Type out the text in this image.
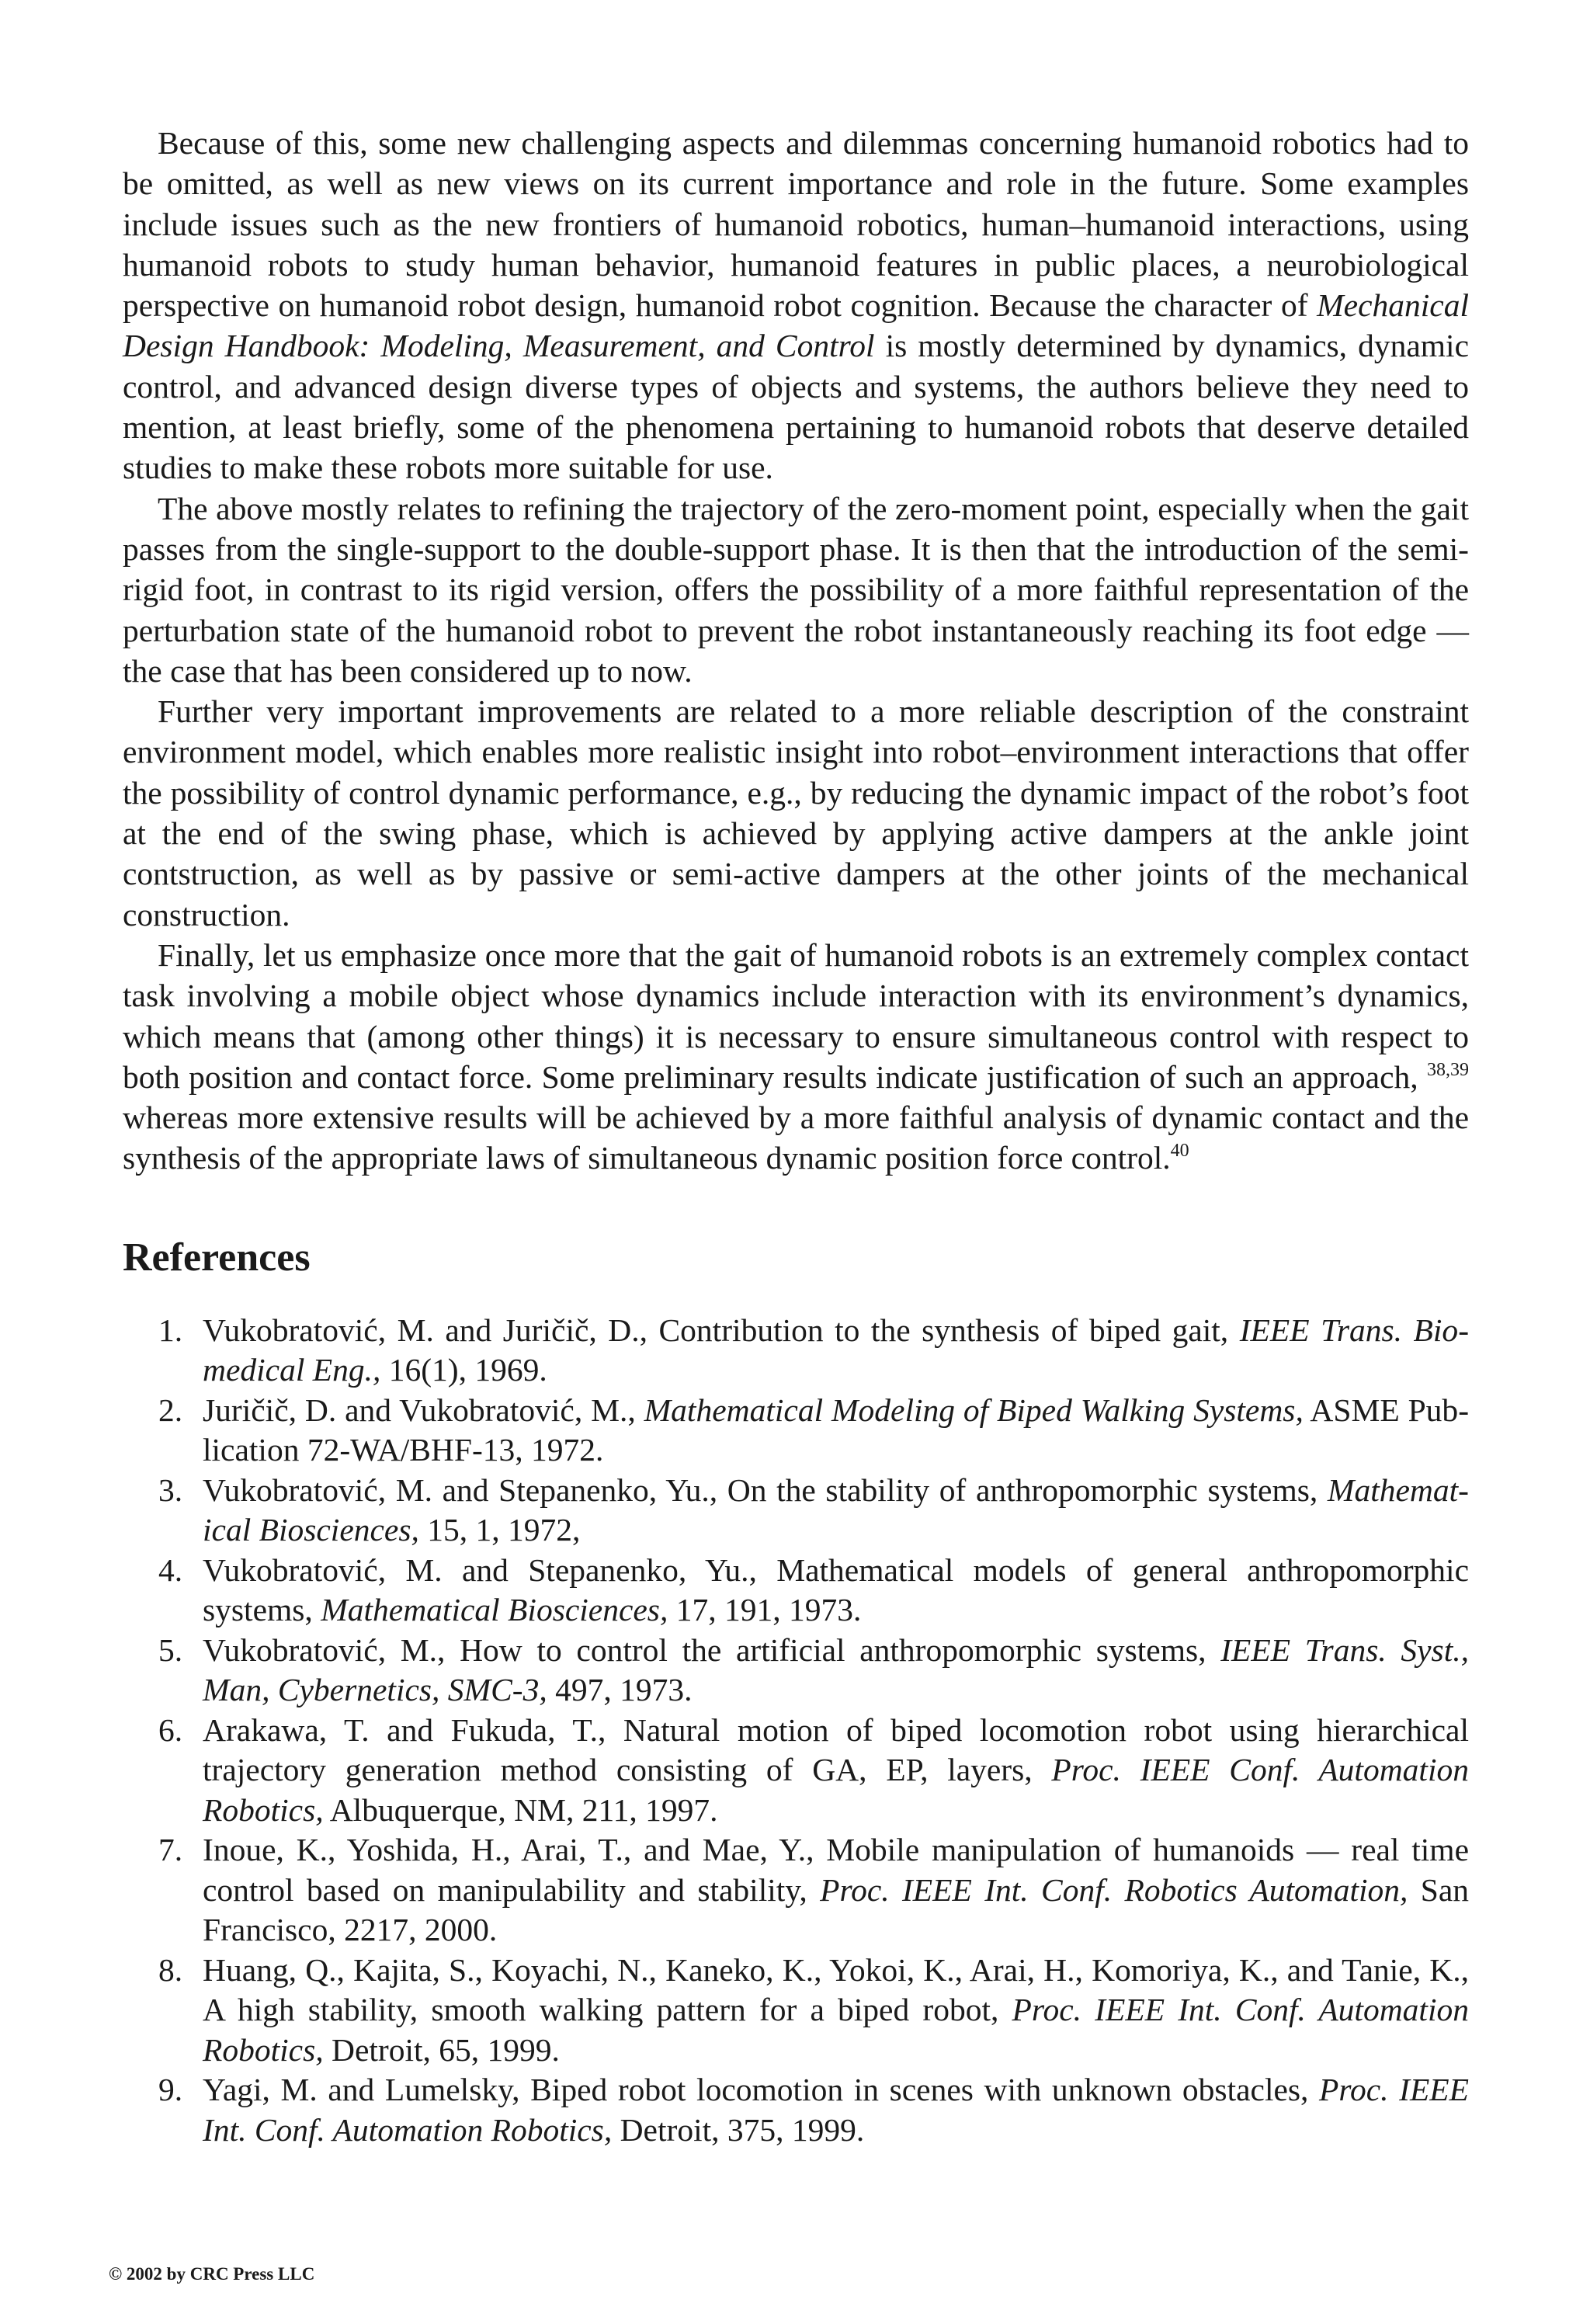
Because of this, some new challenging aspects and dilemmas concerning humanoid robotics had to be omitted, as well as new views on its current importance and role in the future. Some examples include issues such as the new frontiers of humanoid robotics, human–humanoid interactions, using humanoid robots to study human behavior, humanoid features in public places, a neurobiological perspective on humanoid robot design, humanoid robot cognition. Because the character of Mechanical Design Handbook: Modeling, Measurement, and Control is mostly determined by dynamics, dynamic control, and advanced design diverse types of objects and systems, the authors believe they need to mention, at least briefly, some of the phenomena pertaining to humanoid robots that deserve detailed studies to make these robots more suitable for use.

The above mostly relates to refining the trajectory of the zero-moment point, especially when the gait passes from the single-support to the double-support phase. It is then that the introduction of the semi-rigid foot, in contrast to its rigid version, offers the possibility of a more faithful representation of the perturbation state of the humanoid robot to prevent the robot instantaneously reaching its foot edge — the case that has been considered up to now.

Further very important improvements are related to a more reliable description of the constraint environment model, which enables more realistic insight into robot–environment interactions that offer the possibility of control dynamic performance, e.g., by reducing the dynamic impact of the robot’s foot at the end of the swing phase, which is achieved by applying active dampers at the ankle joint contstruction, as well as by passive or semi-active dampers at the other joints of the mechanical construction.

Finally, let us emphasize once more that the gait of humanoid robots is an extremely complex contact task involving a mobile object whose dynamics include interaction with its environment’s dynamics, which means that (among other things) it is necessary to ensure simultaneous control with respect to both position and contact force. Some preliminary results indicate justification of such an approach, $^{38,39}$ whereas more extensive results will be achieved by a more faithful analysis of dynamic contact and the synthesis of the appropriate laws of simultaneous dynamic position force control.$^{40}$

References
1. Vukobratović, M. and Juričič, D., Contribution to the synthesis of biped gait, IEEE Trans. Biomedical Eng., 16(1), 1969.
2. Juričič, D. and Vukobratović, M., Mathematical Modeling of Biped Walking Systems, ASME Publication 72-WA/BHF-13, 1972.
3. Vukobratović, M. and Stepanenko, Yu., On the stability of anthropomorphic systems, Mathematical Biosciences, 15, 1, 1972,
4. Vukobratović, M. and Stepanenko, Yu., Mathematical models of general anthropomorphic systems, Mathematical Biosciences, 17, 191, 1973.
5. Vukobratović, M., How to control the artificial anthropomorphic systems, IEEE Trans. Syst., Man, Cybernetics, SMC-3, 497, 1973.
6. Arakawa, T. and Fukuda, T., Natural motion of biped locomotion robot using hierarchical trajectory generation method consisting of GA, EP, layers, Proc. IEEE Conf. Automation Robotics, Albuquerque, NM, 211, 1997.
7. Inoue, K., Yoshida, H., Arai, T., and Mae, Y., Mobile manipulation of humanoids — real time control based on manipulability and stability, Proc. IEEE Int. Conf. Robotics Automation, San Francisco, 2217, 2000.
8. Huang, Q., Kajita, S., Koyachi, N., Kaneko, K., Yokoi, K., Arai, H., Komoriya, K., and Tanie, K., A high stability, smooth walking pattern for a biped robot, Proc. IEEE Int. Conf. Automation Robotics, Detroit, 65, 1999.
9. Yagi, M. and Lumelsky, Biped robot locomotion in scenes with unknown obstacles, Proc. IEEE Int. Conf. Automation Robotics, Detroit, 375, 1999.
© 2002 by CRC Press LLC
